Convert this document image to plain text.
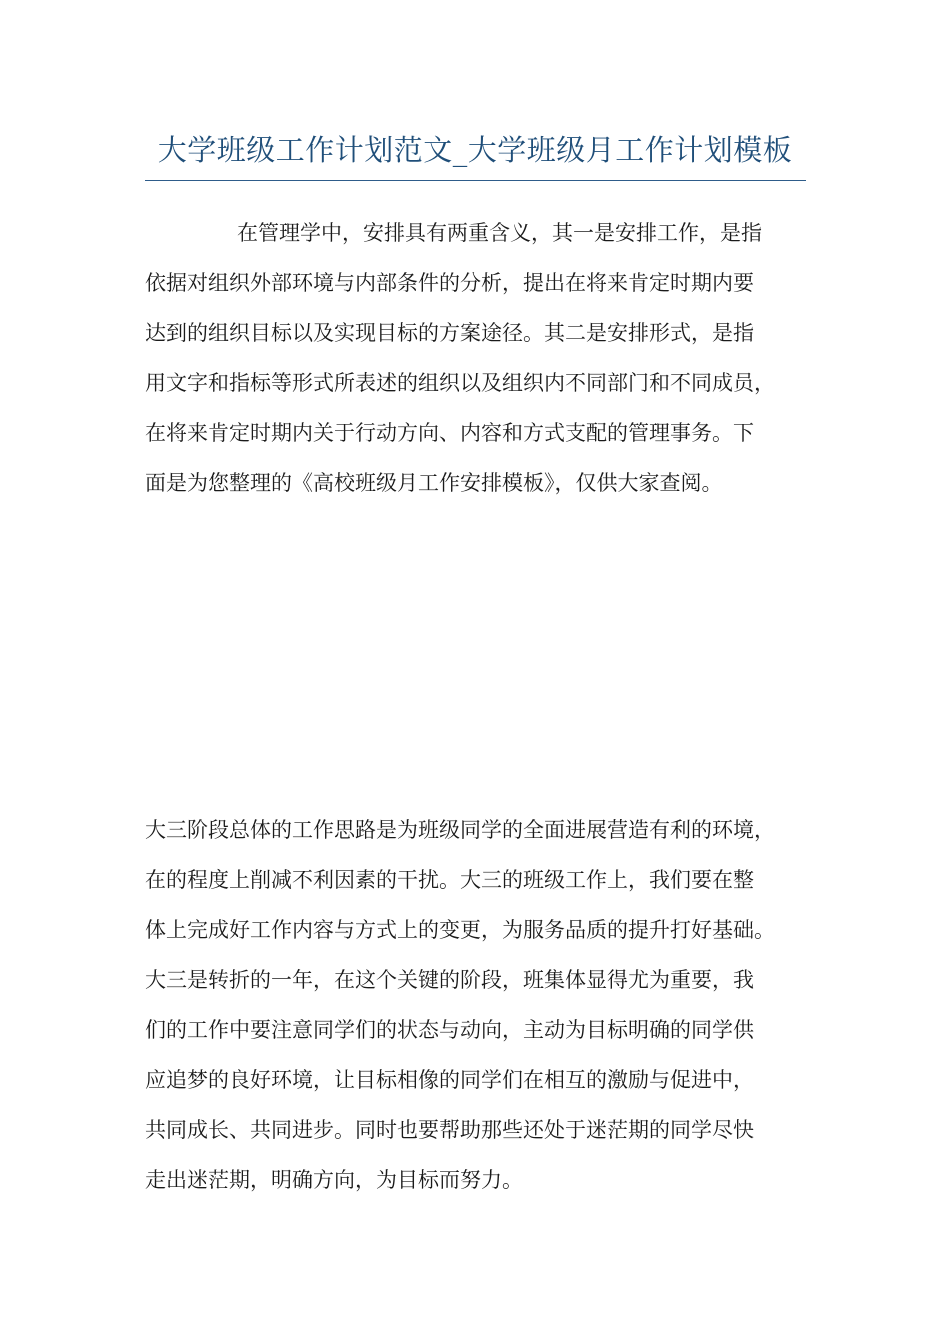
大学班级工作计划范文_大学班级月工作计划模板
在管理学中，安排具有两重含义，其一是安排工作，是指
依据对组织外部环境与内部条件的分析，提出在将来肯定时期内要
达到的组织目标以及实现目标的方案途径。其二是安排形式，是指
用文字和指标等形式所表述的组织以及组织内不同部门和不同成员，
在将来肯定时期内关于行动方向、内容和方式支配的管理事务。下
面是为您整理的《高校班级月工作安排模板》，仅供大家查阅。
大三阶段总体的工作思路是为班级同学的全面进展营造有利的环境，
在的程度上削减不利因素的干扰。大三的班级工作上，我们要在整
体上完成好工作内容与方式上的变更，为服务品质的提升打好基础。
大三是转折的一年，在这个关键的阶段，班集体显得尤为重要，我
们的工作中要注意同学们的状态与动向，主动为目标明确的同学供
应追梦的良好环境，让目标相像的同学们在相互的激励与促进中，
共同成长、共同进步。同时也要帮助那些还处于迷茫期的同学尽快
走出迷茫期，明确方向，为目标而努力。
